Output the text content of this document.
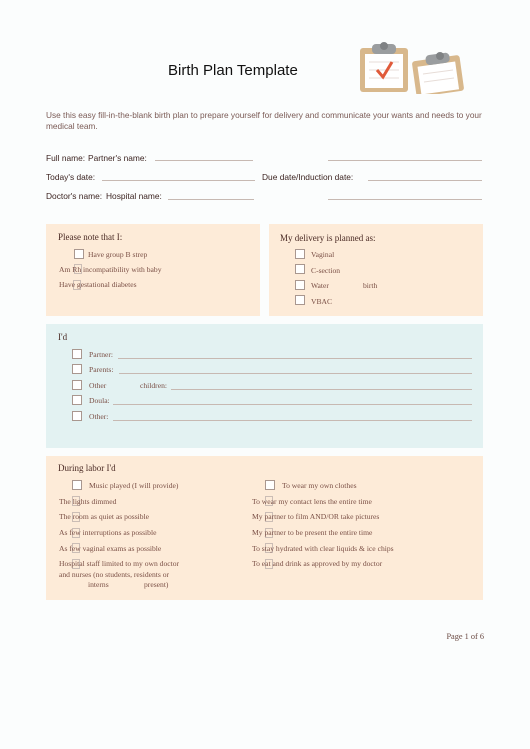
Birth Plan Template
Use this easy fill-in-the-blank birth plan to prepare yourself for delivery and communicate your wants and needs to your medical team.
Full name: Partner's name:
Today's date:	Due date/Induction date:
Doctor's name: Hospital name:
Please note that I:
Have group B strep
Am Rh incompatibility with baby
Have gestational diabetes
My delivery is planned as:
Vaginal
C-section
Water	birth
VBAC
I'd
Partner:
Parents:
Other	children:
Doula:
Other:
During labor I'd
Music played (I will provide)
The lights dimmed
The room as quiet as possible
As few interruptions as possible
As few vaginal exams as possible
Hospital staff limited to my own doctor
and nurses (no students, residents or
interns	present)
To wear my own clothes
To wear my contact lens the entire time
My partner to film AND/OR take pictures
My partner to be present the entire time
To stay hydrated with clear liquids & ice chips
To eat and drink as approved by my doctor
Page 1 of 6
